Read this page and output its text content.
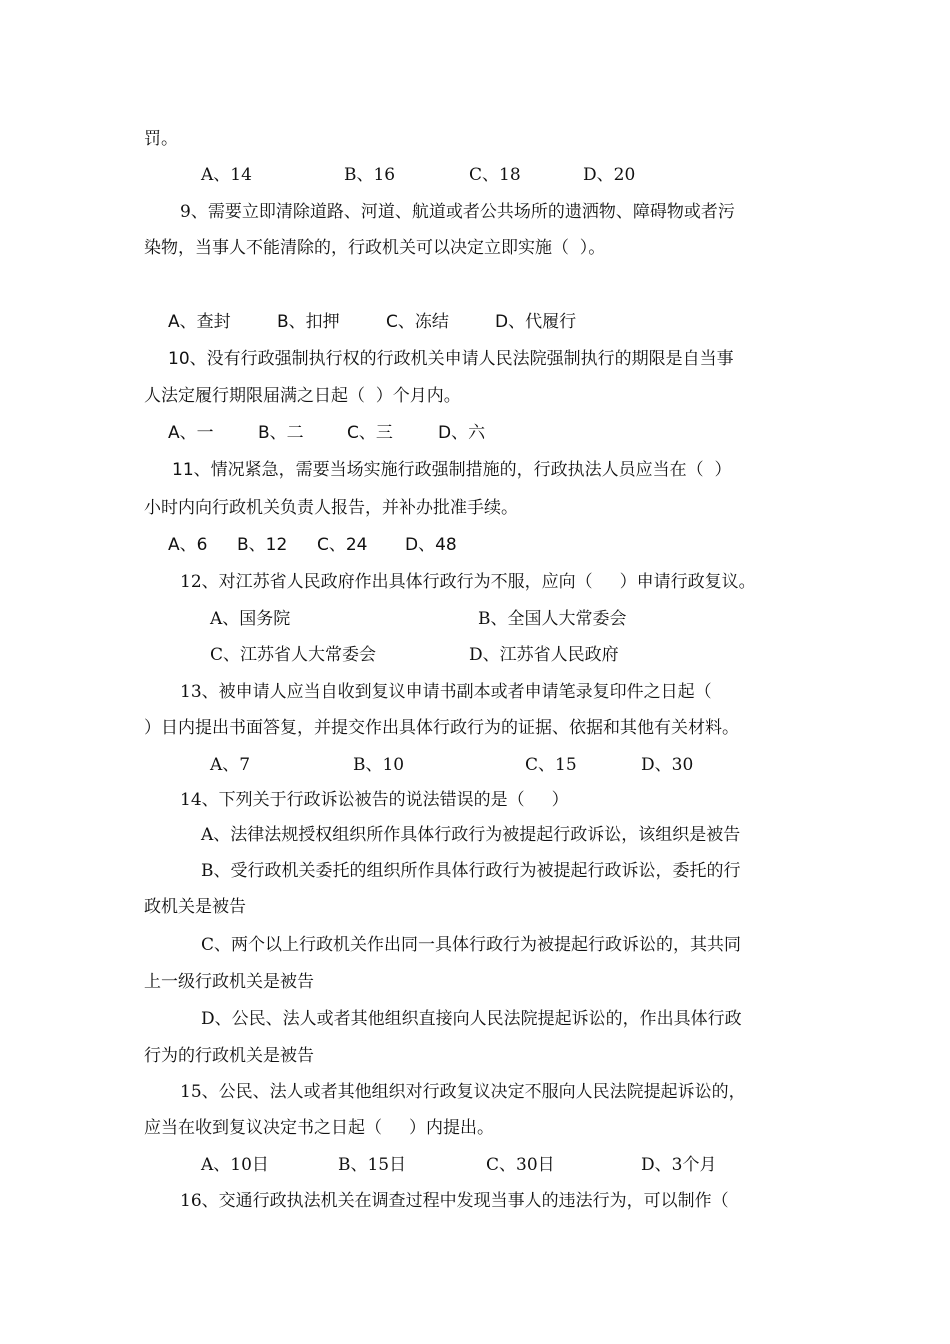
罚。
A、14	B、16	C、18	D、20
9、需要立即清除道路、河道、航道或者公共场所的遗洒物、障碍物或者污
染物，当事人不能清除的，行政机关可以决定立即实施（  ）。
A、查封	B、扣押	C、冻结	D、代履行
10、没有行政强制执行权的行政机关申请人民法院强制执行的期限是自当事
人法定履行期限届满之日起（  ）个月内。
A、一	B、二	C、三	D、六
11、情况紧急，需要当场实施行政强制措施的，行政执法人员应当在（  ）
小时内向行政机关负责人报告，并补办批准手续。
A、6 B、12 C、24 D、48
12、对江苏省人民政府作出具体行政行为不服，应向（     ）申请行政复议。
A、国务院	B、全国人大常委会
C、江苏省人大常委会	D、江苏省人民政府
13、被申请人应当自收到复议申请书副本或者申请笔录复印件之日起（
）日内提出书面答复，并提交作出具体行政行为的证据、依据和其他有关材料。
A、7	B、10	C、15	D、30
14、下列关于行政诉讼被告的说法错误的是（     ）
A、法律法规授权组织所作具体行政行为被提起行政诉讼，该组织是被告
B、受行政机关委托的组织所作具体行政行为被提起行政诉讼，委托的行
政机关是被告
C、两个以上行政机关作出同一具体行政行为被提起行政诉讼的，其共同
上一级行政机关是被告
D、公民、法人或者其他组织直接向人民法院提起诉讼的，作出具体行政
行为的行政机关是被告
15、公民、法人或者其他组织对行政复议决定不服向人民法院提起诉讼的，
应当在收到复议决定书之日起（     ）内提出。
A、10日	B、15日	C、30日	D、3个月
16、交通行政执法机关在调查过程中发现当事人的违法行为，可以制作（
